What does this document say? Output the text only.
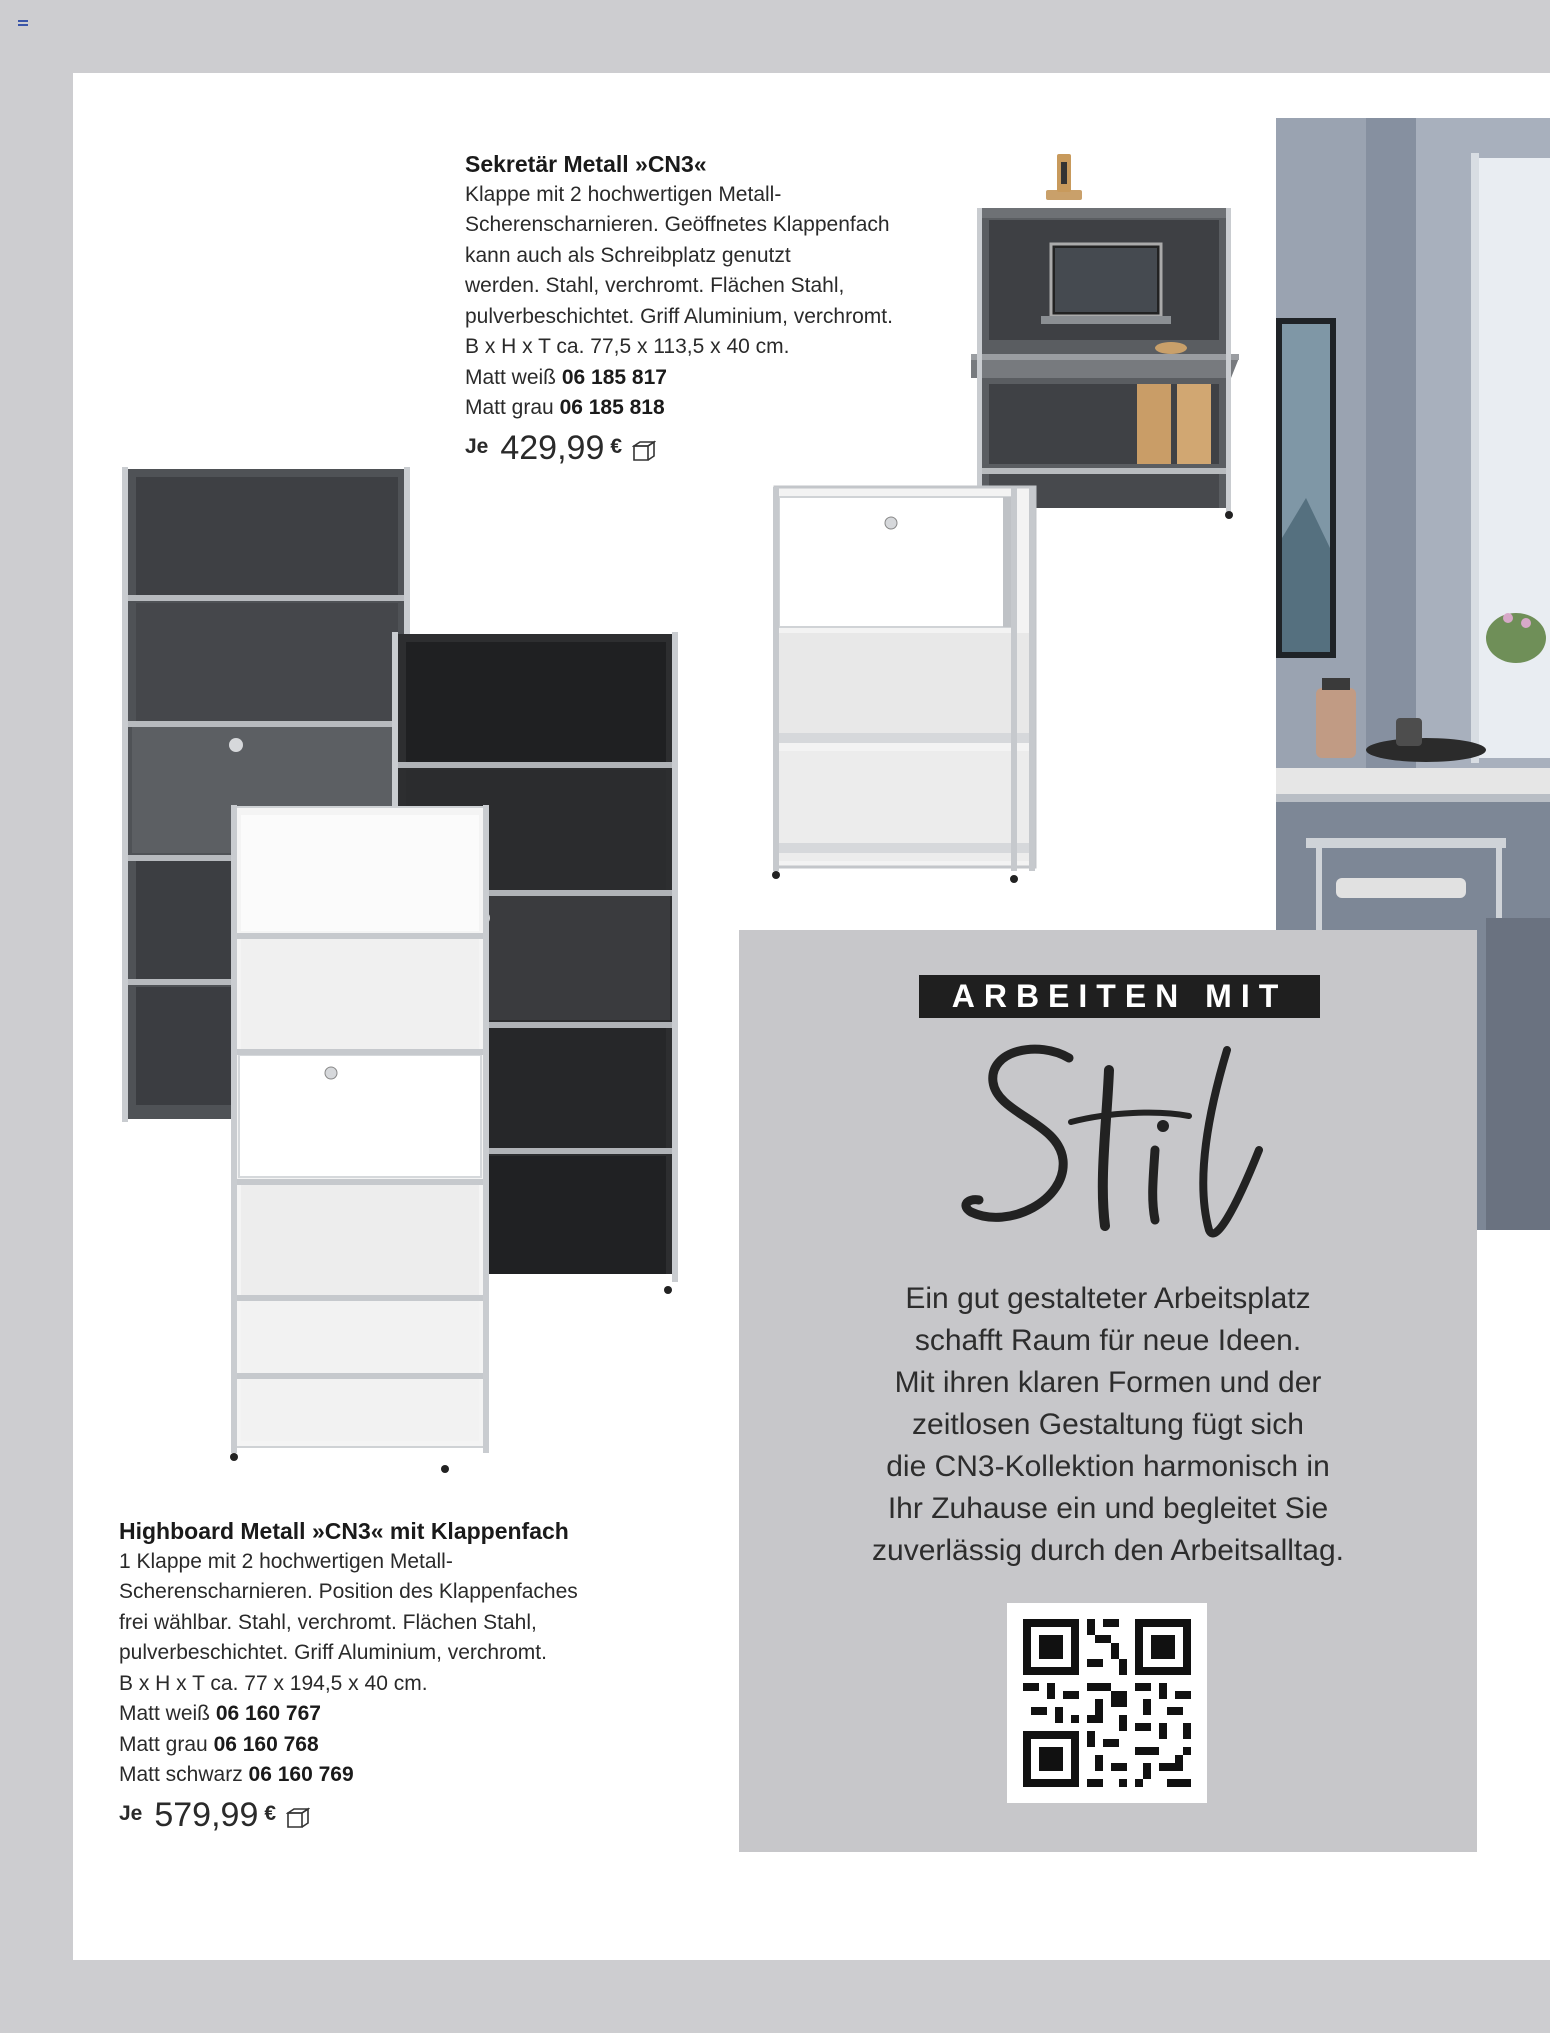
Sekretär Metall »CN3«
Klappe mit 2 hochwertigen Metall-
Scherenscharnieren. Geöffnetes Klappenfach
kann auch als Schreibplatz genutzt
werden. Stahl, verchromt. Flächen Stahl,
pulverbeschichtet. Griff Aluminium, verchromt.
B x H x T ca. 77,5 x 113,5 x 40 cm.
Matt weiß 06 185 817
Matt grau 06 185 818
Je 429,99 €
Highboard Metall »CN3« mit Klappenfach
1 Klappe mit 2 hochwertigen Metall-
Scherenscharnieren. Position des Klappenfaches
frei wählbar. Stahl, verchromt. Flächen Stahl,
pulverbeschichtet. Griff Aluminium, verchromt.
B x H x T ca. 77 x 194,5 x 40 cm.
Matt weiß 06 160 767
Matt grau 06 160 768
Matt schwarz 06 160 769
Je 579,99 €
ARBEITEN MIT
Ein gut gestalteter Arbeitsplatz
schafft Raum für neue Ideen.
Mit ihren klaren Formen und der
zeitlosen Gestaltung fügt sich
die CN3-Kollektion harmonisch in
Ihr Zuhause ein und begleitet Sie
zuverlässig durch den Arbeitsalltag.
